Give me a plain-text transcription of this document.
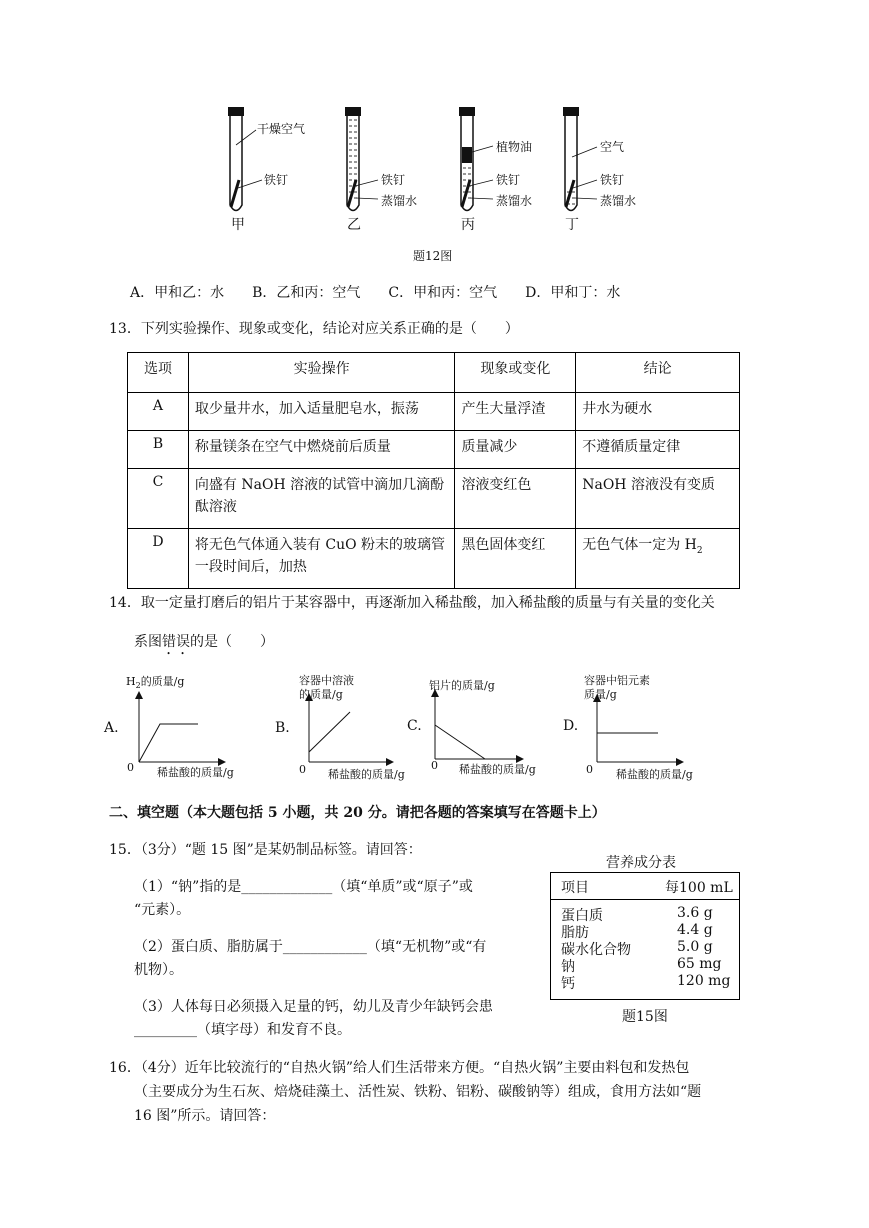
干燥空气
铁钉
甲
铁钉
蒸馏水
乙
植物油
铁钉
蒸馏水
丙
空气
铁钉
蒸馏水
丁
题12图
A．甲和乙：水　　B．乙和丙：空气　　C．甲和丙：空气　　D．甲和丁：水
13．下列实验操作、现象或变化，结论对应关系正确的是（　　）
选项	实验操作	现象或变化	结论
A	取少量井水，加入适量肥皂水，振荡	产生大量浮渣	井水为硬水
B	称量镁条在空气中燃烧前后质量	质量减少	不遵循质量定律
C	向盛有 NaOH 溶液的试管中滴加几滴酚酞溶液	溶液变红色	NaOH 溶液没有变质
D	将无色气体通入装有 CuO 粉末的玻璃管一段时间后，加热	黑色固体变红	无色气体一定为 $H_2$
14．取一定量打磨后的铝片于某容器中，再逐渐加入稀盐酸，加入稀盐酸的质量与有关量的变化关
系图错误的是（　　）
$H_2$的质量/g
A.
0 稀盐酸的质量/g
容器中溶液
的质量/g
B.
0 稀盐酸的质量/g
铝片的质量/g
C.
0 稀盐酸的质量/g
容器中铝元素
质量/g
D.
0 稀盐酸的质量/g
二、填空题（本大题包括 5 小题，共 20 分。请把各题的答案填写在答题卡上）
15．（3分）“题 15 图”是某奶制品标签。请回答：
（1）“钠”指的是_____________（填“单质”或“原子”或
“元素）。
（2）蛋白质、脂肪属于____________（填“无机物”或“有
机物）。
（3）人体每日必须摄入足量的钙，幼儿及青少年缺钙会患
_________（填字母）和发育不良。
营养成分表
项目	每100 mL
蛋白质	3.6 g
脂肪	4.4 g
碳水化合物	5.0 g
钠	65 mg
钙	120 mg
题15图
16．（4分）近年比较流行的“自热火锅”给人们生活带来方便。“自热火锅”主要由料包和发热包
（主要成分为生石灰、焙烧硅藻土、活性炭、铁粉、铝粉、碳酸钠等）组成，食用方法如“题
16 图”所示。请回答：
